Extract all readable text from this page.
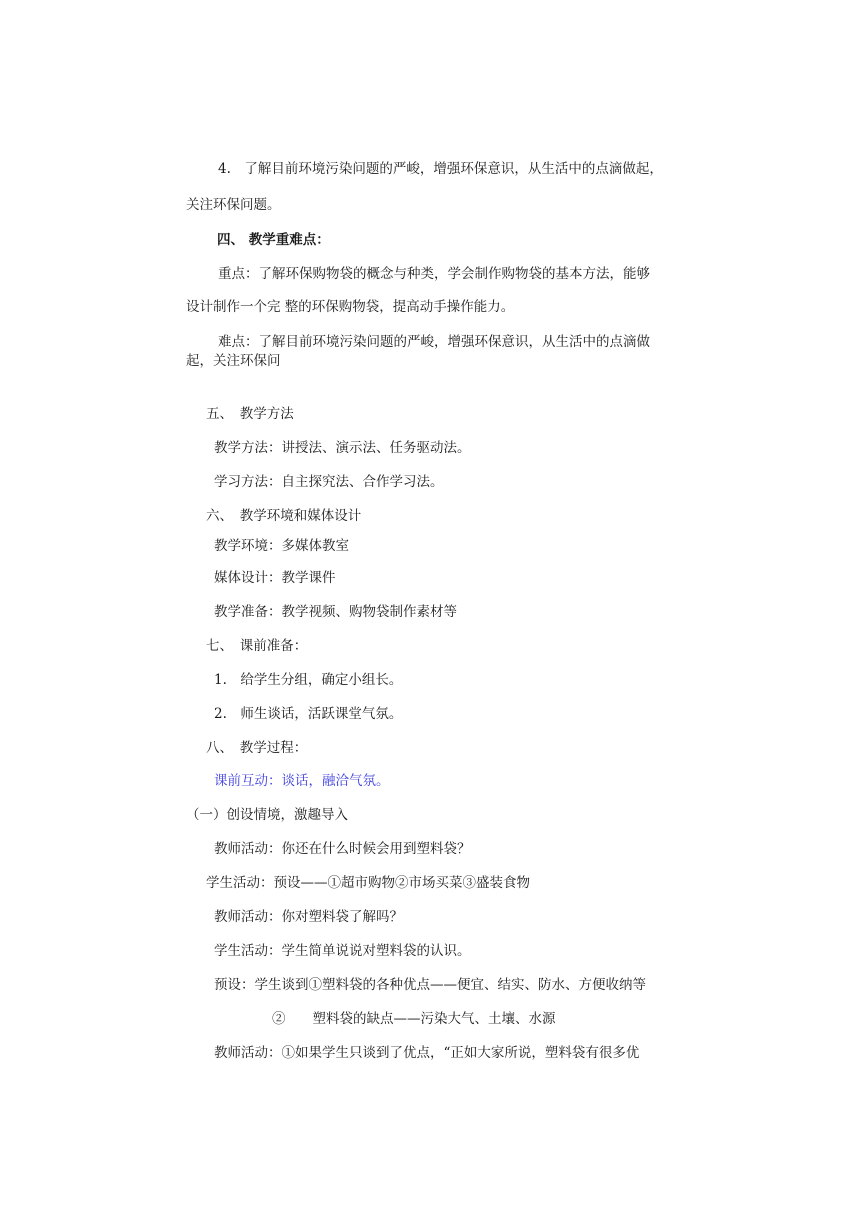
4.　了解目前环境污染问题的严峻，增强环保意识，从生活中的点滴做起，
关注环保问题。
四、 教学重难点：
重点：了解环保购物袋的概念与种类，学会制作购物袋的基本方法，能够
设计制作一个完 整的环保购物袋，提高动手操作能力。
难点：了解目前环境污染问题的严峻，增强环保意识，从生活中的点滴做
起，关注环保问
五、　教学方法
教学方法：讲授法、演示法、任务驱动法。
学习方法：自主探究法、合作学习法。
六、　教学环境和媒体设计
教学环境：多媒体教室
媒体设计：教学课件
教学准备：教学视频、购物袋制作素材等
七、　课前准备：
1.　给学生分组，确定小组长。
2.　师生谈话，活跃课堂气氛。
八、　教学过程：
课前互动：谈话，融洽气氛。
（一）创设情境，激趣导入
教师活动：你还在什么时候会用到塑料袋？
学生活动：预设——①超市购物②市场买菜③盛装食物
教师活动：你对塑料袋了解吗？
学生活动：学生简单说说对塑料袋的认识。
预设：学生谈到①塑料袋的各种优点——便宜、结实、防水、方便收纳等
②　　塑料袋的缺点——污染大气、土壤、水源
教师活动：①如果学生只谈到了优点，“正如大家所说，塑料袋有很多优
